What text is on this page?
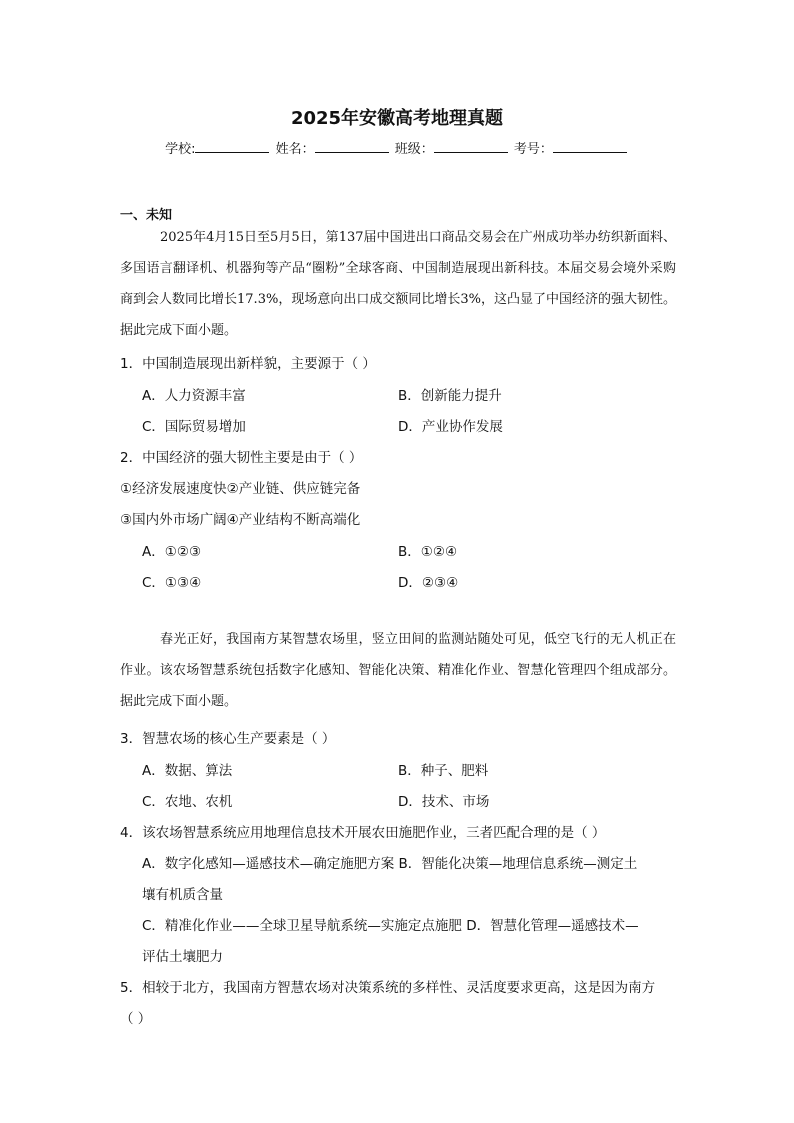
2025年安徽高考地理真题
学校:	姓名：	班级：	考号：
一、未知
2025年4月15日至5月5日，第137届中国进出口商品交易会在广州成功举办纺织新面料、多国语言翻译机、机器狗等产品“圈粉”全球客商、中国制造展现出新科技。本届交易会境外采购商到会人数同比增长17.3%，现场意向出口成交额同比增长3%，这凸显了中国经济的强大韧性。据此完成下面小题。
1．中国制造展现出新样貌，主要源于（ ）
A．人力资源丰富	B．创新能力提升
C．国际贸易增加	D．产业协作发展
2．中国经济的强大韧性主要是由于（ ）
①经济发展速度快②产业链、供应链完备
③国内外市场广阔④产业结构不断高端化
A．①②③	B．①②④
C．①③④	D．②③④
春光正好，我国南方某智慧农场里，竖立田间的监测站随处可见，低空飞行的无人机正在作业。该农场智慧系统包括数字化感知、智能化决策、精准化作业、智慧化管理四个组成部分。据此完成下面小题。
3．智慧农场的核心生产要素是（ ）
A．数据、算法	B．种子、肥料
C．农地、农机	D．技术、市场
4．该农场智慧系统应用地理信息技术开展农田施肥作业，三者匹配合理的是（ ）
A．数字化感知—遥感技术—确定施肥方案 B．智能化决策—地理信息系统—测定土
壤有机质含量
C．精准化作业——全球卫星导航系统—实施定点施肥 D．智慧化管理—遥感技术—
评估土壤肥力
5．相较于北方，我国南方智慧农场对决策系统的多样性、灵活度要求更高，这是因为南方
（ ）
